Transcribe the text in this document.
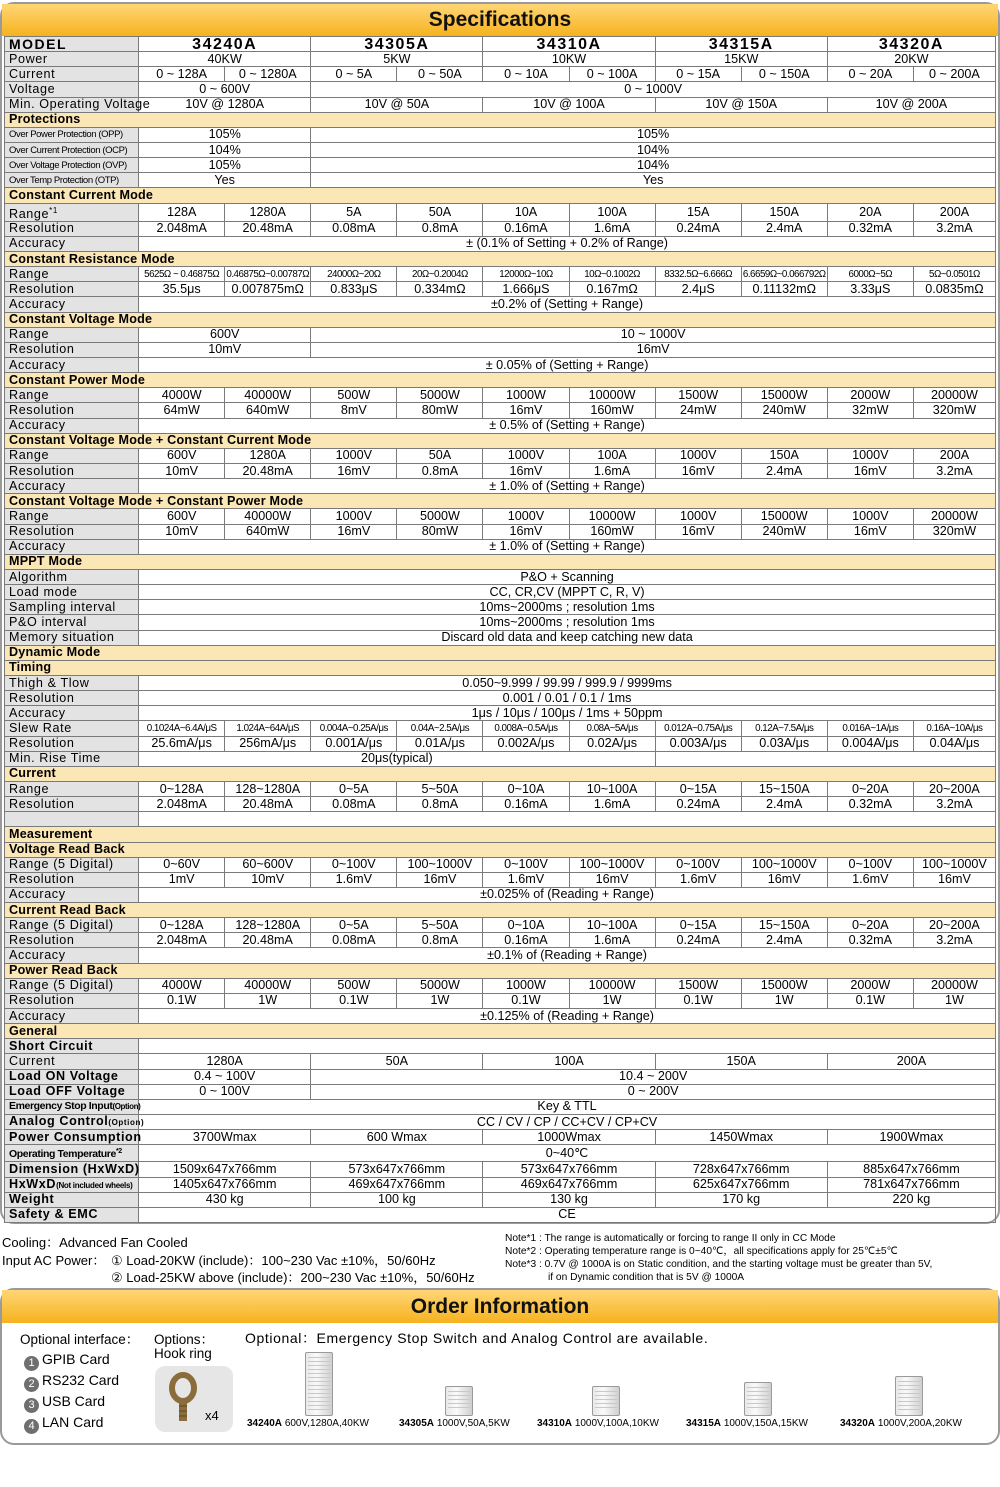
Specifications
MODEL	34240A		34305A		34310A		34315A		34320A	
Power	40KW		5KW		10KW		15KW		20KW	
Current	0 ~ 128A	0 ~ 1280A	0 ~ 5A	0 ~ 50A	0 ~ 10A	0 ~ 100A	0 ~ 15A	0 ~ 150A	0 ~ 20A	0 ~ 200A
Voltage	0 ~ 600V		0 ~ 1000V							
Min. Operating Voltage	10V @ 1280A		10V @ 50A		10V @ 100A		10V @ 150A		10V @ 200A	
Protections										
Over Power Protection (OPP)	105%		105%							
Over Current Protection (OCP)	104%		104%							
Over Voltage Protection (OVP)	105%		104%							
Over Temp Protection (OTP)	Yes		Yes							
Constant Current Mode										
Range$^{*1}$	128A	1280A	5A	50A	10A	100A	15A	150A	20A	200A
Resolution	2.048mA	20.48mA	0.08mA	0.8mA	0.16mA	1.6mA	0.24mA	2.4mA	0.32mA	3.2mA
Accuracy	± (0.1% of Setting + 0.2% of Range)									
Constant Resistance Mode										
Range	5625Ω ~ 0.46875Ω	0.46875Ω~0.00787Ω	24000Ω~20Ω	20Ω~0.2004Ω	12000Ω~10Ω	10Ω~0.1002Ω	8332.5Ω~6.666Ω	6.6659Ω~0.066792Ω	6000Ω~5Ω	5Ω~0.0501Ω
Resolution	35.5μs	0.007875mΩ	0.833μS	0.334mΩ	1.666μS	0.167mΩ	2.4μS	0.11132mΩ	3.33μS	0.0835mΩ
Accuracy	±0.2% of (Setting + Range)									
Constant Voltage Mode										
Range	600V		10 ~ 1000V							
Resolution	10mV		16mV							
Accuracy	± 0.05% of (Setting + Range)									
Constant Power Mode										
Range	4000W	40000W	500W	5000W	1000W	10000W	1500W	15000W	2000W	20000W
Resolution	64mW	640mW	8mV	80mW	16mV	160mW	24mW	240mW	32mW	320mW
Accuracy	± 0.5% of (Setting + Range)									
Constant Voltage Mode + Constant Current Mode										
Range	600V	1280A	1000V	50A	1000V	100A	1000V	150A	1000V	200A
Resolution	10mV	20.48mA	16mV	0.8mA	16mV	1.6mA	16mV	2.4mA	16mV	3.2mA
Accuracy	± 1.0% of (Setting + Range)									
Constant Voltage Mode + Constant Power Mode										
Range	600V	40000W	1000V	5000W	1000V	10000W	1000V	15000W	1000V	20000W
Resolution	10mV	640mW	16mV	80mW	16mV	160mW	16mV	240mW	16mV	320mW
Accuracy	± 1.0% of (Setting + Range)									
MPPT Mode										
Algorithm	P&O + Scanning									
Load mode	CC, CR,CV (MPPT C, R, V)									
Sampling interval	10ms~2000ms ; resolution 1ms									
P&O interval	10ms~2000ms ; resolution 1ms									
Memory situation	Discard old data and keep catching new data									
Dynamic Mode										
Timing										
Thigh & Tlow	0.050~9.999 / 99.99 / 999.9 / 9999ms									
Resolution	0.001 / 0.01 / 0.1 / 1ms									
Accuracy	1μs / 10μs / 100μs / 1ms + 50ppm									
Slew Rate	0.1024A~6.4A/μS	1.024A~64A/μS	0.004A~0.25A/μs	0.04A~2.5A/μs	0.008A~0.5A/μs	0.08A~5A/μs	0.012A~0.75A/μs	0.12A~7.5A/μs	0.016A~1A/μs	0.16A~10A/μs
Resolution	25.6mA/μs	256mA/μs	0.001A/μs	0.01A/μs	0.002A/μs	0.02A/μs	0.003A/μs	0.03A/μs	0.004A/μs	0.04A/μs
Min. Rise Time	20μs(typical)									
Current										
Range	0~128A	128~1280A	0~5A	5~50A	0~10A	10~100A	0~15A	15~150A	0~20A	20~200A
Resolution	2.048mA	20.48mA	0.08mA	0.8mA	0.16mA	1.6mA	0.24mA	2.4mA	0.32mA	3.2mA

Measurement										
Voltage Read Back										
Range (5 Digital)	0~60V	60~600V	0~100V	100~1000V	0~100V	100~1000V	0~100V	100~1000V	0~100V	100~1000V
Resolution	1mV	10mV	1.6mV	16mV	1.6mV	16mV	1.6mV	16mV	1.6mV	16mV
Accuracy	±0.025% of (Reading + Range)									
Current Read Back										
Range (5 Digital)	0~128A	128~1280A	0~5A	5~50A	0~10A	10~100A	0~15A	15~150A	0~20A	20~200A
Resolution	2.048mA	20.48mA	0.08mA	0.8mA	0.16mA	1.6mA	0.24mA	2.4mA	0.32mA	3.2mA
Accuracy	±0.1% of (Reading + Range)									
Power Read Back										
Range (5 Digital)	4000W	40000W	500W	5000W	1000W	10000W	1500W	15000W	2000W	20000W
Resolution	0.1W	1W	0.1W	1W	0.1W	1W	0.1W	1W	0.1W	1W
Accuracy	±0.125% of (Reading + Range)									
General										
Short Circuit										
Current	1280A		50A		100A		150A		200A	
Load ON Voltage	0.4 ~ 100V		10.4 ~ 200V							
Load OFF Voltage	0 ~ 100V		0 ~ 200V							
Emergency Stop Input(Option)	Key & TTL									
Analog Control(Option)	CC / CV / CP / CC+CV / CP+CV									
Power Consumption	3700Wmax		600 Wmax		1000Wmax		1450Wmax		1900Wmax	
Operating Temperature$^{*2}$	0~40℃									
Dimension (HxWxD)	1509x647x766mm		573x647x766mm		573x647x766mm		728x647x766mm		885x647x766mm	
HxWxD(Not included wheels)	1405x647x766mm		469x647x766mm		469x647x766mm		625x647x766mm		781x647x766mm	
Weight	430 kg		100 kg		130 kg		170 kg		220 kg	
Safety & EMC	CE									
Cooling：Advanced Fan Cooled
Input AC Power： ① Load-20KW (include)：100~230 Vac ±10%，50/60Hz
② Load-25KW above (include)：200~230 Vac ±10%，50/60Hz
Note*1 : The range is automatically or forcing to range II only in CC Mode
Note*2 : Operating temperature range is 0~40℃，all specifications apply for 25℃±5℃
Note*3 : 0.7V @ 1000A is on Static condition, and the starting voltage must be greater than 5V,
if on Dynamic condition that is 5V @ 1000A
Order Information
Optional interface：
1 GPIB Card
2 RS232 Card
3 USB Card
4 LAN Card
Options：
Hook ring
x4
Optional：Emergency Stop Switch and Analog Control are available.
34240A 600V,1280A,40KW	34305A 1000V,50A,5KW	34310A 1000V,100A,10KW	34315A 1000V,150A,15KW	34320A 1000V,200A,20KW
